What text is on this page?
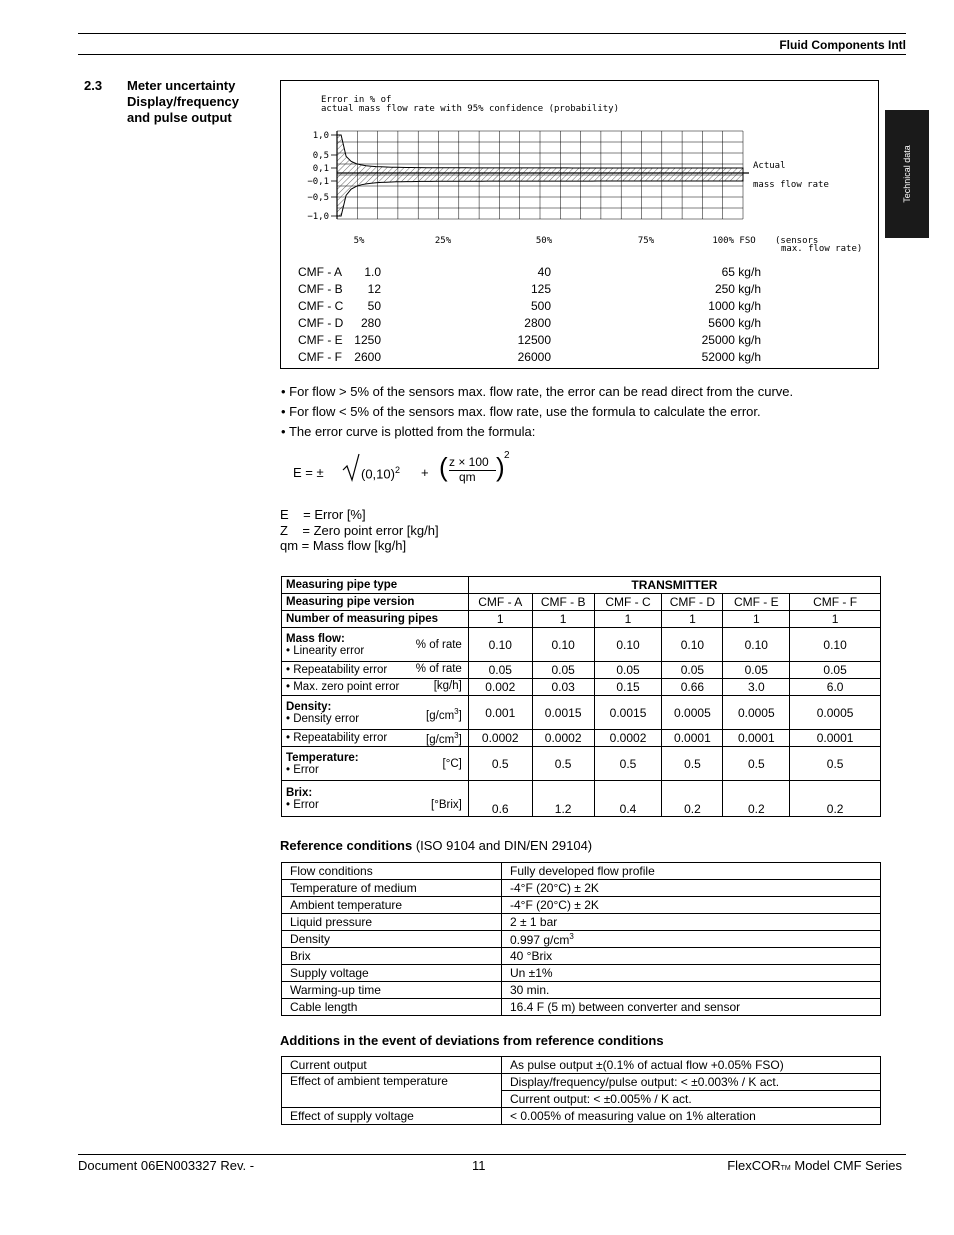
Fluid Components Intl
Technical data
2.3 Meter uncertainty
Display/frequency
and pulse output
Error in % of
actual mass flow rate with 95% confidence (probability)
1,0
0,5
0,1
−0,1
−0,5
−1,0
5%	25%	50%	75%	100% FSO
Actual
mass flow rate
(sensors
max. flow rate)
CMF - A 1.0	40	65 kg/h
CMF - B 12	125	250 kg/h
CMF - C 50	500	1000 kg/h
CMF - D 280	2800	5600 kg/h
CMF - E 1250	12500	25000 kg/h
CMF - F 2600	26000	52000 kg/h
• For flow > 5% of the sensors max. flow rate, the error can be read direct from the curve.
• For flow < 5% of the sensors max. flow rate, use the formula to calculate the error.
• The error curve is plotted from the formula:
E = ±	$(0,10)^2$ + ( z × 100
qm ) 2
E    = Error [%]
Z    = Zero point error [kg/h]
qm = Mass flow [kg/h]
Measuring pipe type	TRANSMITTER					
Measuring pipe version	CMF - A	CMF - B	CMF - C	CMF - D	CMF - E	CMF - F
Number of measuring pipes	1	1	1	1	1	1

Mass flow:
• Linearity error % of rate	0.10	0.10	0.10	0.10	0.10	0.10
• Repeatability error % of rate	0.05	0.05	0.05	0.05	0.05	0.05
• Max. zero point error [kg/h]	0.002	0.03	0.15	0.66	3.0	6.0

Density:
• Density error $[g/cm^3]$	0.001	0.0015	0.0015	0.0005	0.0005	0.0005
• Repeatability error $[g/cm^3]$	0.0002	0.0002	0.0002	0.0001	0.0001	0.0001

Temperature:
• Error [°C]	0.5	0.5	0.5	0.5	0.5	0.5

Brix:
• Error [°Brix]	0.6	1.2	0.4	0.2	0.2	0.2
Reference conditions (ISO 9104 and DIN/EN 29104)
Flow conditions	Fully developed flow profile
Temperature of medium	-4°F (20°C) ± 2K
Ambient temperature	-4°F (20°C) ± 2K
Liquid pressure	2 ± 1 bar
Density	0.997 $g/cm^3$
Brix	40 °Brix
Supply voltage	Un ±1%
Warming-up time	30 min.
Cable length	16.4 F (5 m) between converter and sensor
Additions in the event of deviations from reference conditions
Current output	As pulse output ±(0.1% of actual flow +0.05% FSO)
Effect of ambient temperature	Display/frequency/pulse output: < ±0.003% / K act.
	Current output: < ±0.005% / K act.
Effect of supply voltage	< 0.005% of measuring value on 1% alteration
Document 06EN003327 Rev. -	11	FlexCORTM Model CMF Series
